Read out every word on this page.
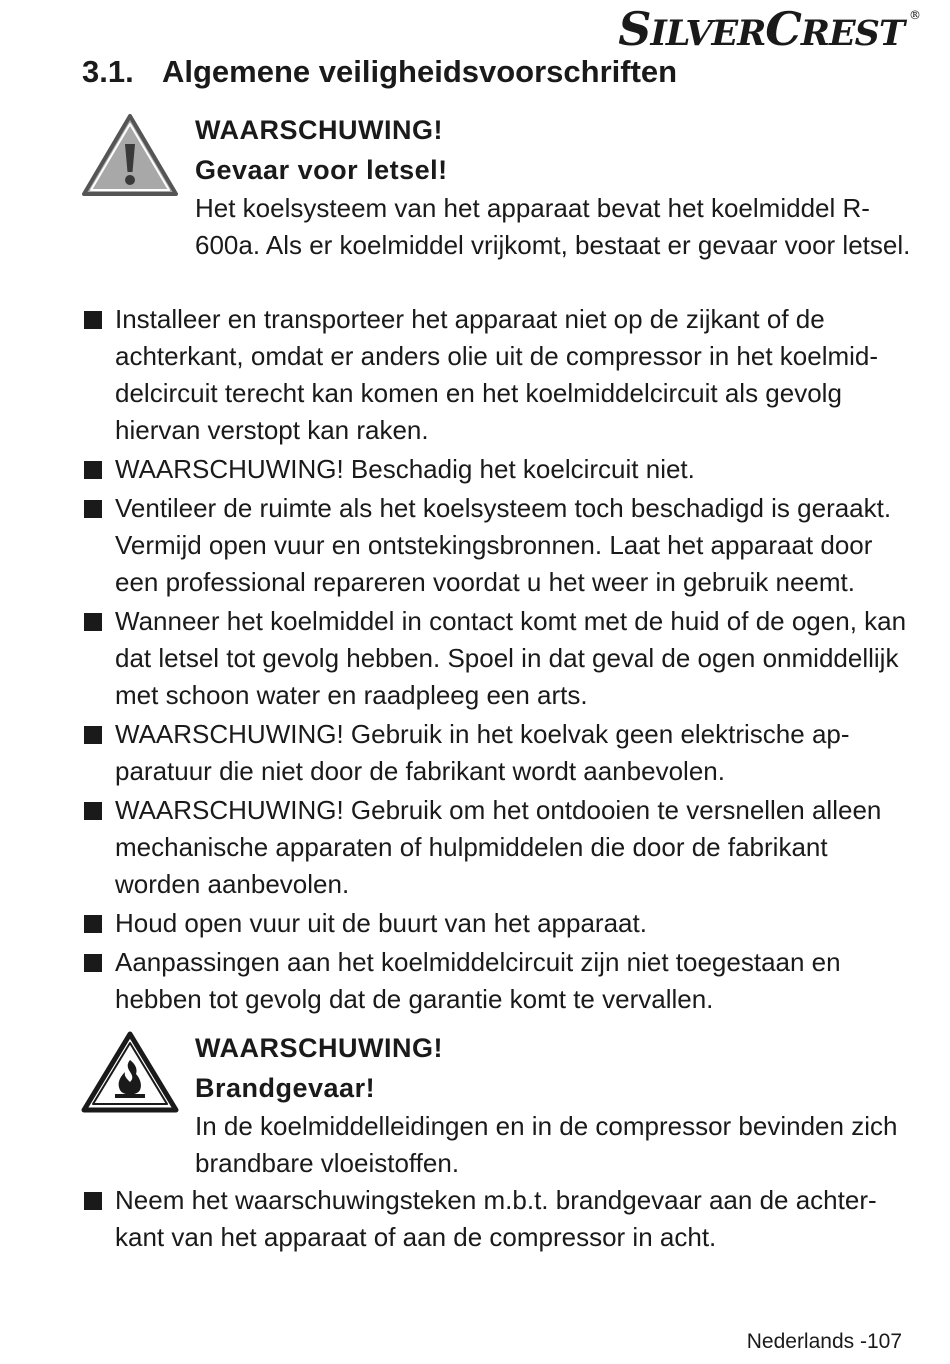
SILVERCREST ®
3.1. Algemene veiligheidsvoorschriften
WAARSCHUWING!
Gevaar voor letsel!
Het koelsysteem van het apparaat bevat het koelmiddel R-600a. Als er koelmiddel vrijkomt, bestaat er gevaar voor letsel.
Installeer en transporteer het apparaat niet op de zijkant of de achterkant, omdat er anders olie uit de compressor in het koelmiddelcircuit terecht kan komen en het koelmiddelcircuit als gevolg hiervan verstopt kan raken.
WAARSCHUWING! Beschadig het koelcircuit niet.
Ventileer de ruimte als het koelsysteem toch beschadigd is geraakt. Vermijd open vuur en ontstekingsbronnen. Laat het apparaat door een professional repareren voordat u het weer in gebruik neemt.
Wanneer het koelmiddel in contact komt met de huid of de ogen, kan dat letsel tot gevolg hebben. Spoel in dat geval de ogen onmiddellijk met schoon water en raadpleeg een arts.
WAARSCHUWING! Gebruik in het koelvak geen elektrische apparatuur die niet door de fabrikant wordt aanbevolen.
WAARSCHUWING! Gebruik om het ontdooien te versnellen alleen mechanische apparaten of hulpmiddelen die door de fabrikant worden aanbevolen.
Houd open vuur uit de buurt van het apparaat.
Aanpassingen aan het koelmiddelcircuit zijn niet toegestaan en hebben tot gevolg dat de garantie komt te vervallen.
WAARSCHUWING!
Brandgevaar!
In de koelmiddelleidingen en in de compressor bevinden zich brandbare vloeistoffen.
Neem het waarschuwingsteken m.b.t. brandgevaar aan de achterkant van het apparaat of aan de compressor in acht.
Nederlands -107
